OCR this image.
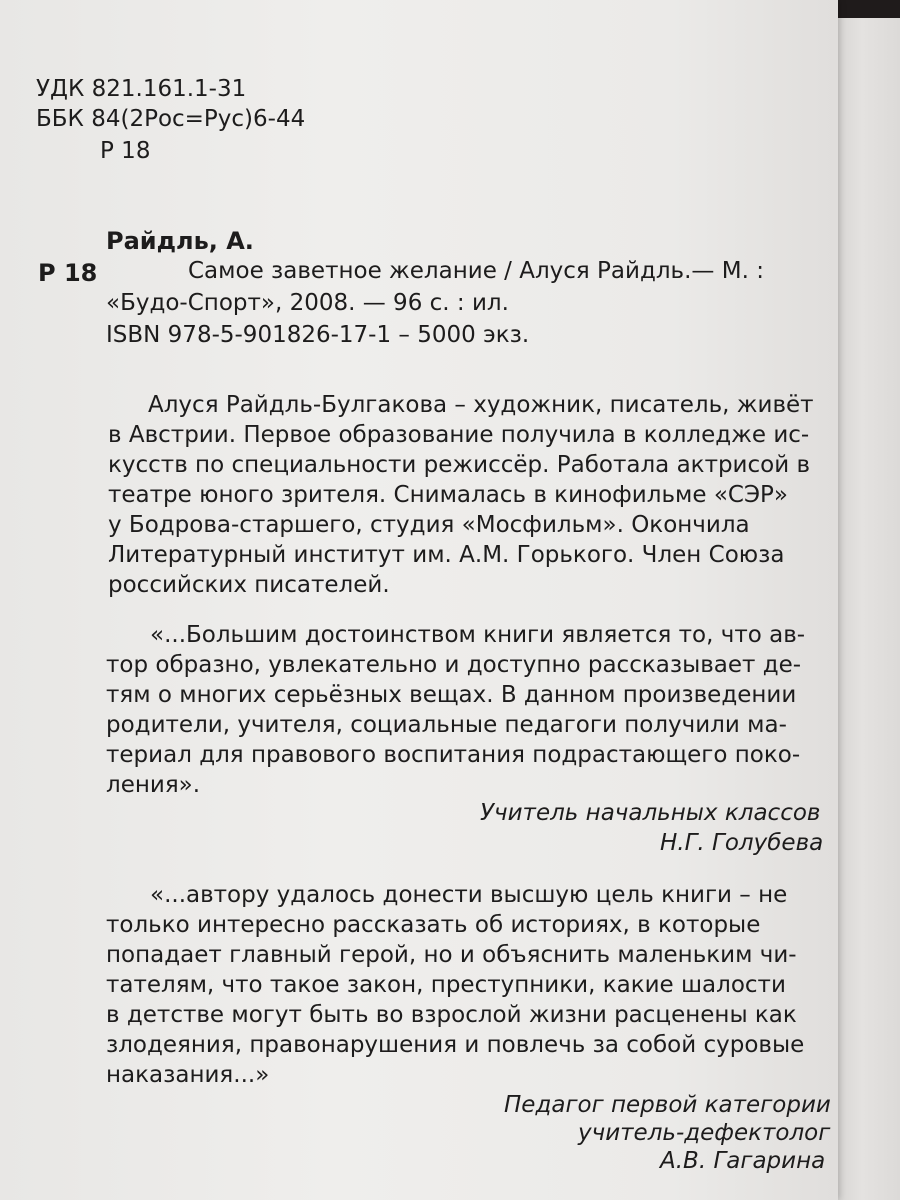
УДК 821.161.1-31
ББК 84(2Рос=Рус)6-44
Р 18
Райдль, А.
Р 18	Самое заветное желание / Алуся Райдль.— М. :
«Будо-Спорт», 2008. — 96 с. : ил.
ISBN 978-5-901826-17-1 – 5000 экз.
Алуся Райдль-Булгакова – художник, писатель, живёт
в Австрии. Первое образование получила в колледже ис-
кусств по специальности режиссёр. Работала актрисой в
театре юного зрителя. Снималась в кинофильме «СЭР»
у Бодрова-старшего, студия «Мосфильм». Окончила
Литературный институт им. А.М. Горького. Член Союза
российских писателей.
«...Большим достоинством книги является то, что ав-
тор образно, увлекательно и доступно рассказывает де-
тям о многих серьёзных вещах. В данном произведении
родители, учителя, социальные педагоги получили ма-
териал для правового воспитания подрастающего поко-
ления».
Учитель начальных классов
Н.Г. Голубева
«...автору удалось донести высшую цель книги – не
только интересно рассказать об историях, в которые
попадает главный герой, но и объяснить маленьким чи-
тателям, что такое закон, преступники, какие шалости
в детстве могут быть во взрослой жизни расценены как
злодеяния, правонарушения и повлечь за собой суровые
наказания...»
Педагог первой категории
учитель-дефектолог
А.В. Гагарина
